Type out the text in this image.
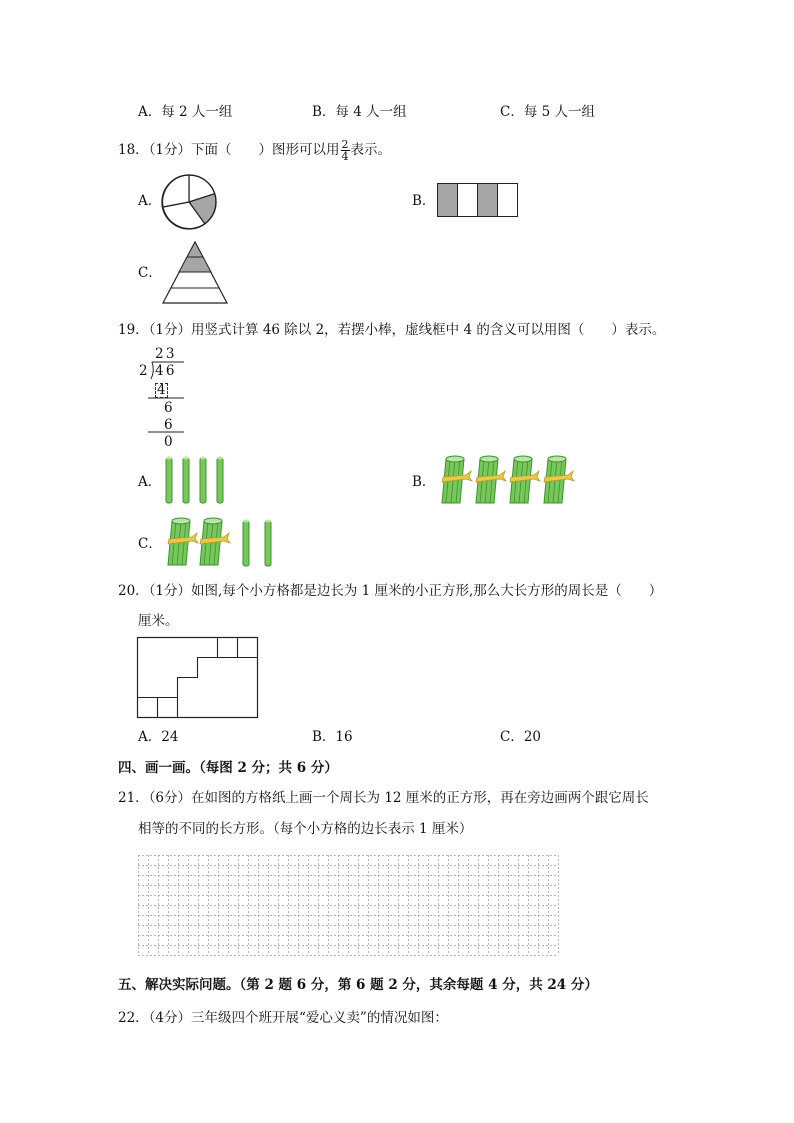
A．每 2 人一组	B．每 4 人一组	C．每 5 人一组
18．（1分）下面（　　）图形可以用 $\frac{2}{4}$ 表示。
A．	B．
C．
19．（1分）用竖式计算 46 除以 2，若摆小棒，虚线框中 4 的含义可以用图（　　）表示。
2 3
2 4 6
4
6
6
0
A．	B．
C．
20．（1分）如图,每个小方格都是边长为 1 厘米的小正方形,那么大长方形的周长是（　　）
厘米。
A．24	B．16	C．20
四、画一画。（每图 2 分；共 6 分）
21．（6分）在如图的方格纸上画一个周长为 12 厘米的正方形，再在旁边画两个跟它周长
相等的不同的长方形。（每个小方格的边长表示 1 厘米）
五、解决实际问题。（第 2 题 6 分，第 6 题 2 分，其余每题 4 分，共 24 分）
22．（4分）三年级四个班开展“爱心义卖”的情况如图：
